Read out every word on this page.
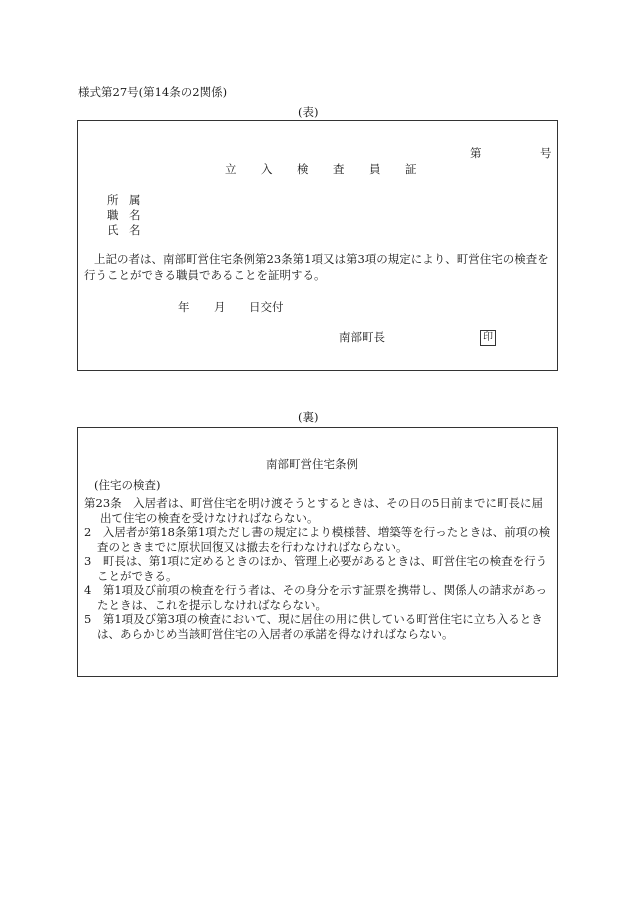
様式第27号(第14条の2関係)
(表)
第	号
立 入 検 査 員 証
所 属
職 名
氏 名
上記の者は、南部町営住宅条例第23条第1項又は第3項の規定により、町営住宅の検査を
行うことができる職員であることを証明する。
年 月 日交付
南部町長	印
(裏)
南部町営住宅条例
(住宅の検査)

第23条　入居者は、町営住宅を明け渡そうとするときは、その日の5日前までに町長に届出て住宅の検査を受けなければならない。

2　入居者が第18条第1項ただし書の規定により模様替、増築等を行ったときは、前項の検査のときまでに原状回復又は撤去を行わなければならない。

3　町長は、第1項に定めるときのほか、管理上必要があるときは、町営住宅の検査を行うことができる。

4　第1項及び前項の検査を行う者は、その身分を示す証票を携帯し、関係人の請求があったときは、これを提示しなければならない。

5　第1項及び第3項の検査において、現に居住の用に供している町営住宅に立ち入るときは、あらかじめ当該町営住宅の入居者の承諾を得なければならない。
